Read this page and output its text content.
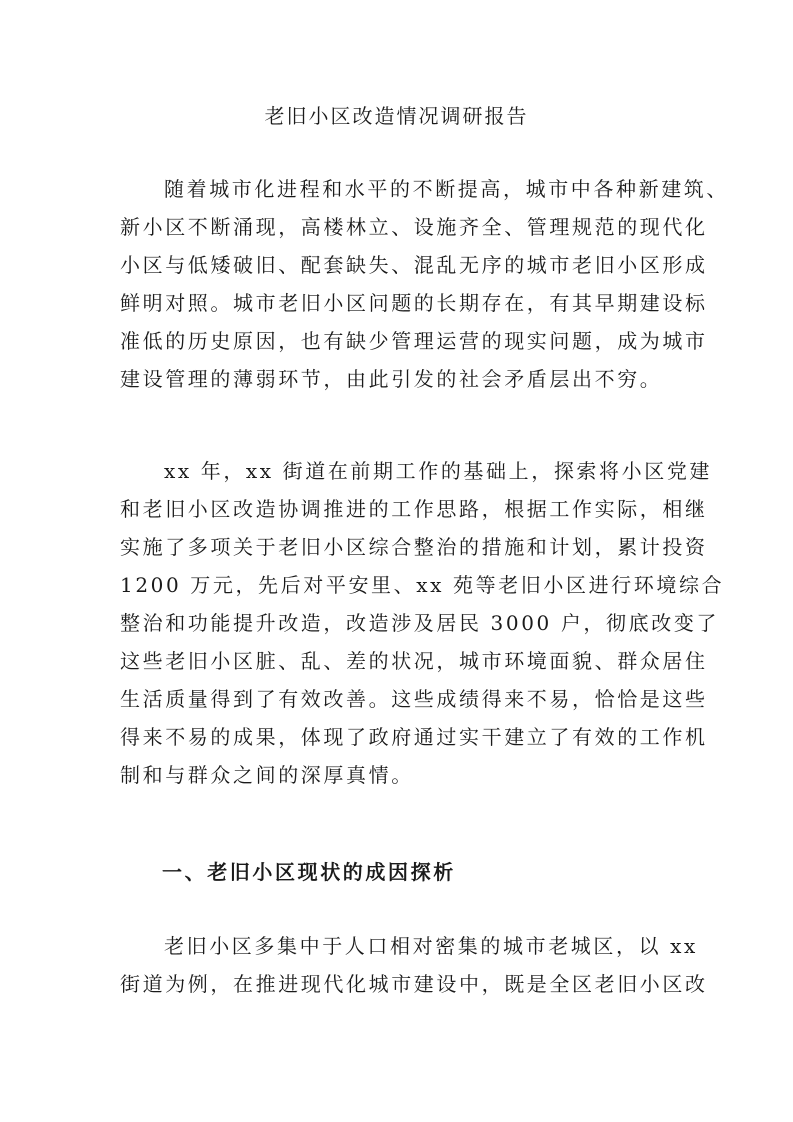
老旧小区改造情况调研报告
随着城市化进程和水平的不断提高，城市中各种新建筑、
新小区不断涌现，高楼林立、设施齐全、管理规范的现代化
小区与低矮破旧、配套缺失、混乱无序的城市老旧小区形成
鲜明对照。城市老旧小区问题的长期存在，有其早期建设标
准低的历史原因，也有缺少管理运营的现实问题，成为城市
建设管理的薄弱环节，由此引发的社会矛盾层出不穷。
xx 年，xx 街道在前期工作的基础上，探索将小区党建
和老旧小区改造协调推进的工作思路，根据工作实际，相继
实施了多项关于老旧小区综合整治的措施和计划，累计投资
1200 万元，先后对平安里、xx 苑等老旧小区进行环境综合
整治和功能提升改造，改造涉及居民 3000 户，彻底改变了
这些老旧小区脏、乱、差的状况，城市环境面貌、群众居住
生活质量得到了有效改善。这些成绩得来不易，恰恰是这些
得来不易的成果，体现了政府通过实干建立了有效的工作机
制和与群众之间的深厚真情。
一、老旧小区现状的成因探析
老旧小区多集中于人口相对密集的城市老城区，以 xx
街道为例，在推进现代化城市建设中，既是全区老旧小区改
